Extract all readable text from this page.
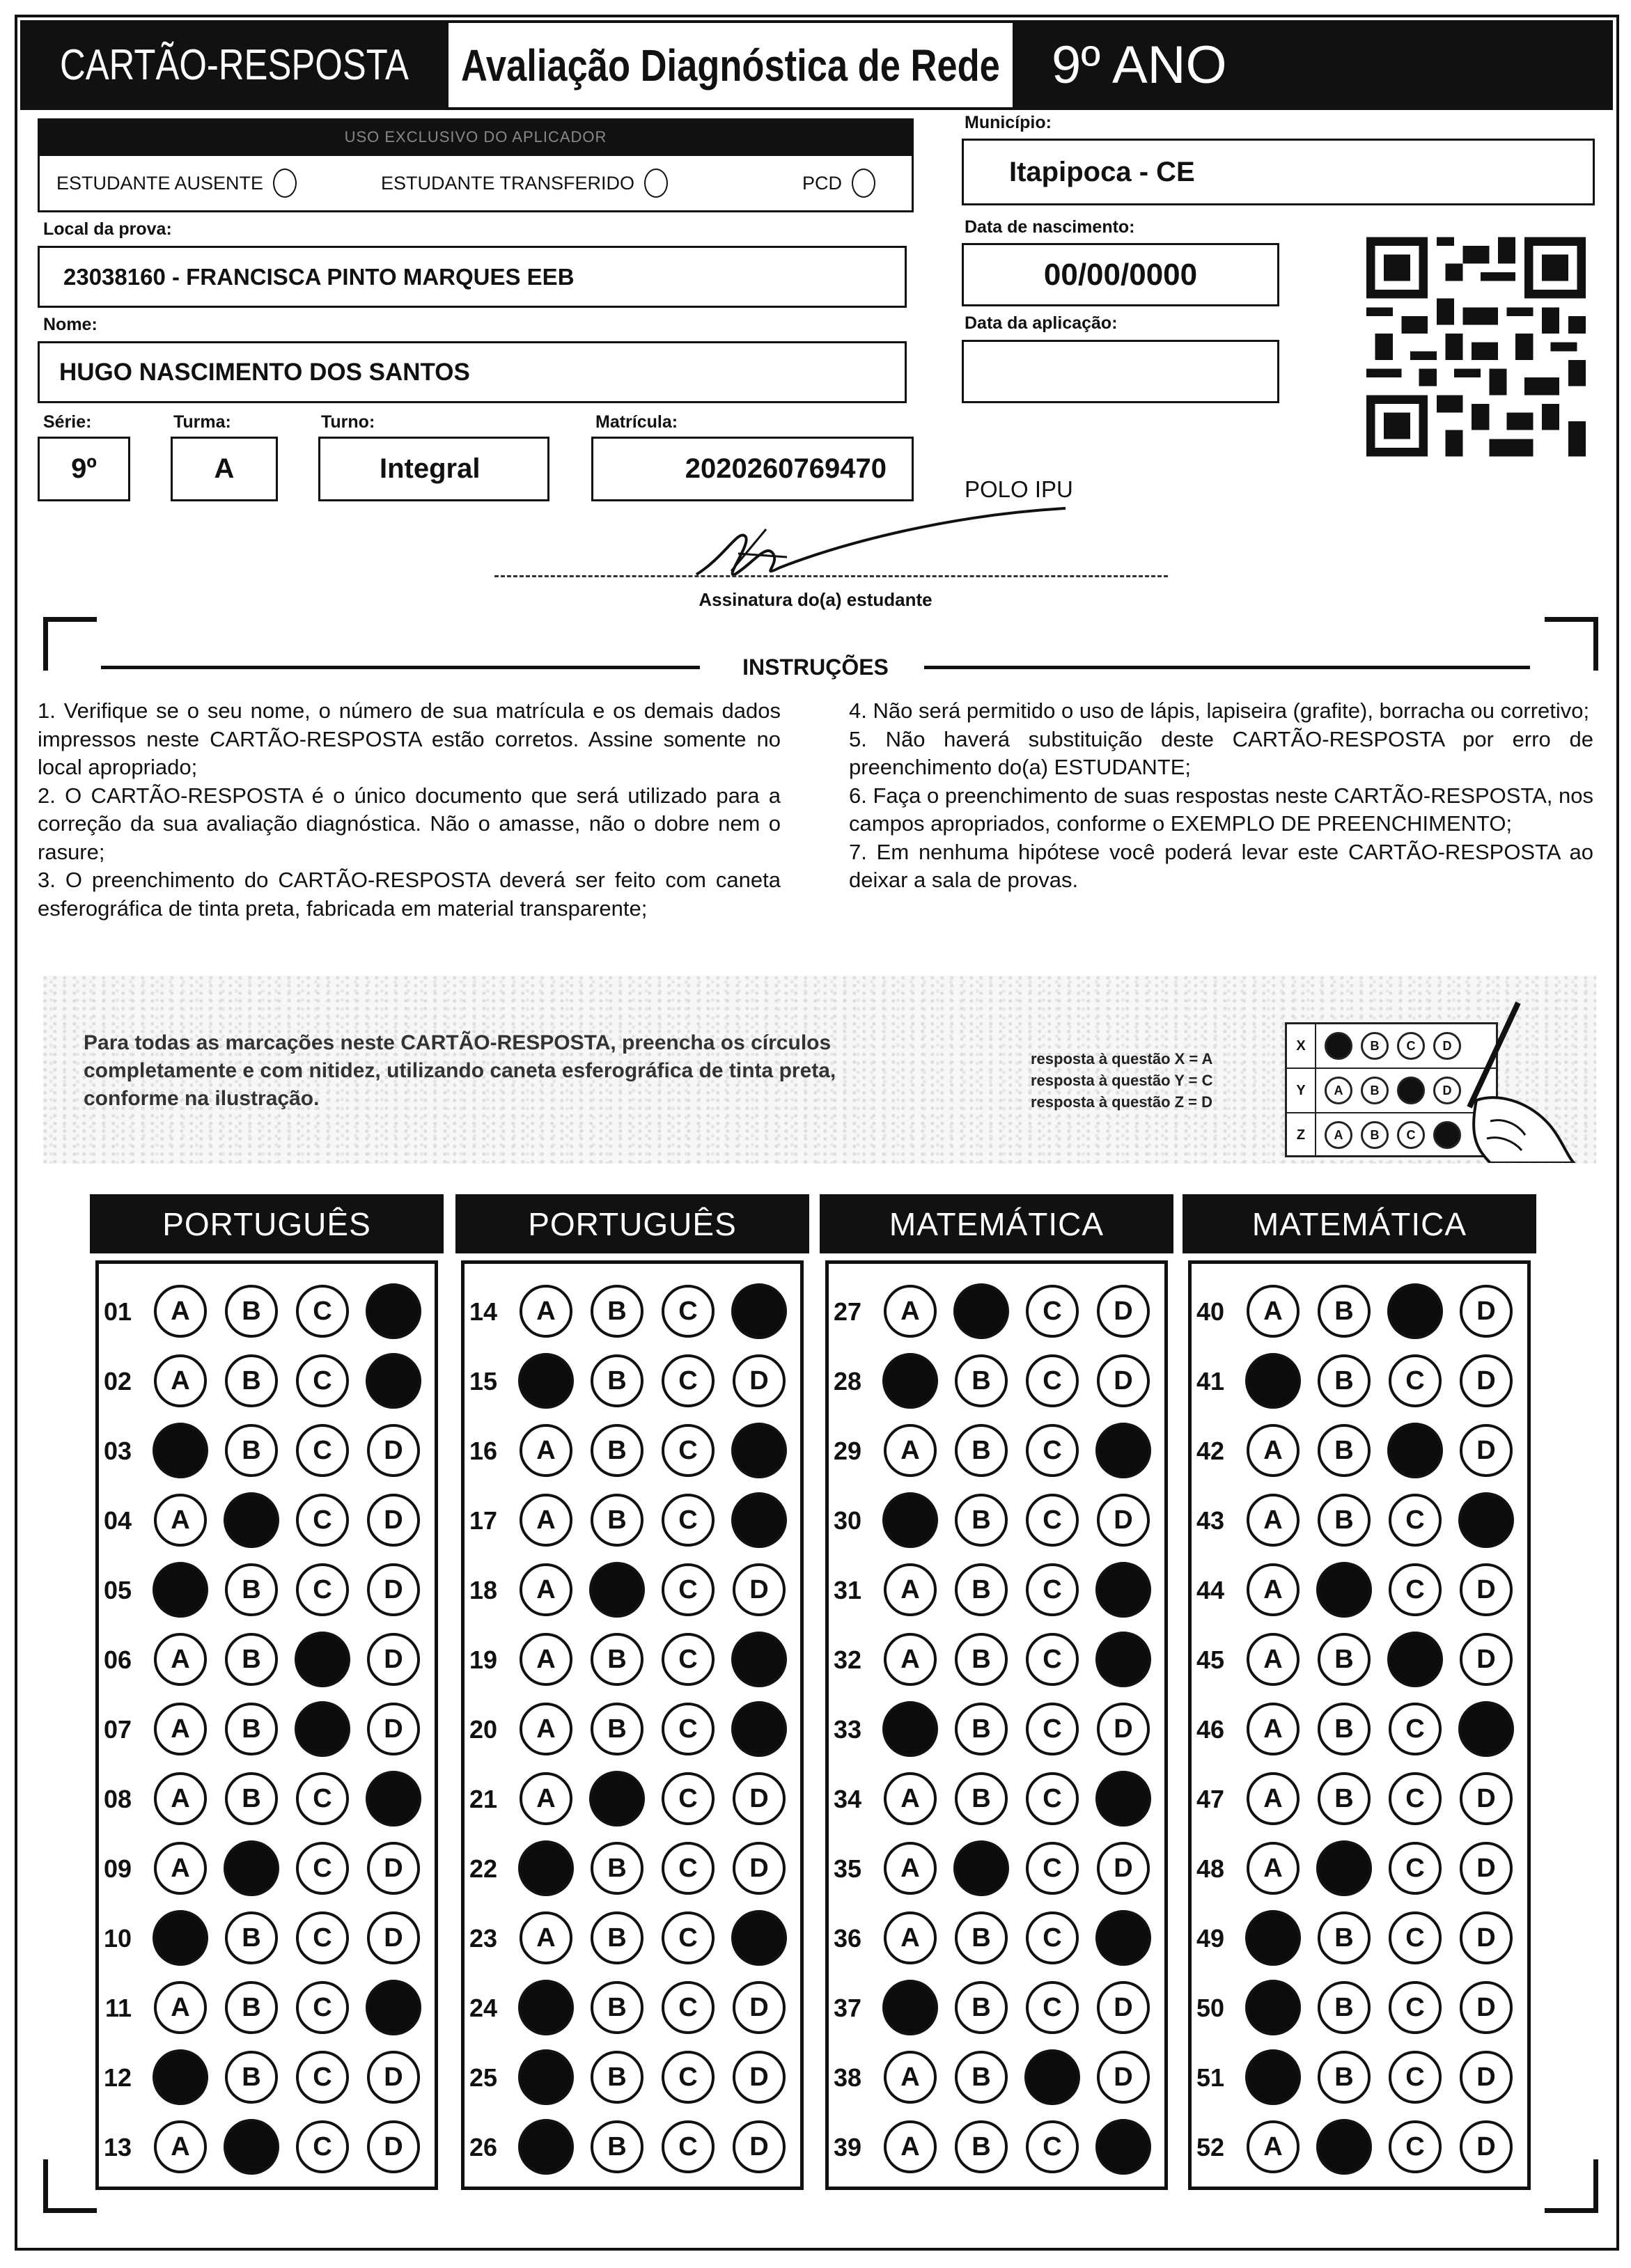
CARTÃO-RESPOSTA Avaliação Diagnóstica de Rede 9º ANO
USO EXCLUSIVO DO APLICADOR
ESTUDANTE AUSENTE	ESTUDANTE TRANSFERIDO	PCD
Município:
Itapipoca - CE
Local da prova:
23038160 - FRANCISCA PINTO MARQUES EEB
Data de nascimento:
00/00/0000
Nome:
HUGO NASCIMENTO DOS SANTOS
Data da aplicação:
Série:
9º
Turma:
A
Turno:
Integral
Matrícula:
2020260769470
POLO IPU
Assinatura do(a) estudante
INSTRUÇÕES

1. Verifique se o seu nome, o número de sua matrícula e os demais dados impressos neste CARTÃO-RESPOSTA estão corretos. Assine somente no local apropriado;

2. O CARTÃO-RESPOSTA é o único documento que será utilizado para a correção da sua avaliação diagnóstica. Não o amasse, não o dobre nem o rasure;

3. O preenchimento do CARTÃO-RESPOSTA deverá ser feito com caneta esferográfica de tinta preta, fabricada em material transparente;

4. Não será permitido o uso de lápis, lapiseira (grafite), borracha ou corretivo;

5. Não haverá substituição deste CARTÃO-RESPOSTA por erro de preenchimento do(a) ESTUDANTE;

6. Faça o preenchimento de suas respostas neste CARTÃO-RESPOSTA, nos campos apropriados, conforme o EXEMPLO DE PREENCHIMENTO;

7. Em nenhuma hipótese você poderá levar este CARTÃO-RESPOSTA ao deixar a sala de provas.

Para todas as marcações neste CARTÃO-RESPOSTA, preencha os círculos completamente e com nitidez, utilizando caneta esferográfica de tinta preta, conforme na ilustração.
resposta à questão X = A
resposta à questão Y = C
resposta à questão Z = D
X	A	B	C	D
Y	A	B	C	D
Z	A	B	C	D
PORTUGUÊS
01	A	B	C	D
02	A	B	C	D
03	A	B	C	D
04	A	B	C	D
05	A	B	C	D
06	A	B	C	D
07	A	B	C	D
08	A	B	C	D
09	A	B	C	D
10	A	B	C	D
11	A	B	C	D
12	A	B	C	D
13	A	B	C	D
PORTUGUÊS
14	A	B	C	D
15	A	B	C	D
16	A	B	C	D
17	A	B	C	D
18	A	B	C	D
19	A	B	C	D
20	A	B	C	D
21	A	B	C	D
22	A	B	C	D
23	A	B	C	D
24	A	B	C	D
25	A	B	C	D
26	A	B	C	D
MATEMÁTICA
27	A	B	C	D
28	A	B	C	D
29	A	B	C	D
30	A	B	C	D
31	A	B	C	D
32	A	B	C	D
33	A	B	C	D
34	A	B	C	D
35	A	B	C	D
36	A	B	C	D
37	A	B	C	D
38	A	B	C	D
39	A	B	C	D
MATEMÁTICA
40	A	B	C	D
41	A	B	C	D
42	A	B	C	D
43	A	B	C	D
44	A	B	C	D
45	A	B	C	D
46	A	B	C	D
47	A	B	C	D
48	A	B	C	D
49	A	B	C	D
50	A	B	C	D
51	A	B	C	D
52	A	B	C	D
